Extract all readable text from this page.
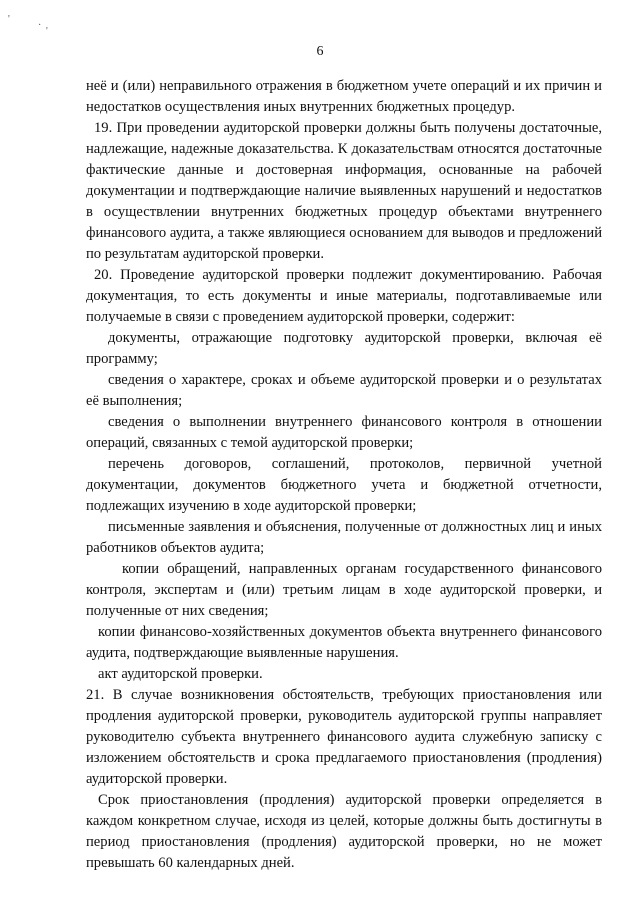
'
·
'
6

неё и (или) неправильного отражения в бюджетном учете операций и их причин и недостатков осуществления иных внутренних бюджетных процедур.

19. При проведении аудиторской проверки должны быть получены достаточные, надлежащие, надежные доказательства. К доказательствам относятся достаточные фактические данные и достоверная информация, основанные на рабочей документации и подтверждающие наличие выявленных нарушений и недостатков в осуществлении внутренних бюджетных процедур объектами внутреннего финансового аудита, а также являющиеся основанием для выводов и предложений по результатам аудиторской проверки.

20. Проведение аудиторской проверки подлежит документированию. Рабочая документация, то есть документы и иные материалы, подготавливаемые или получаемые в связи с проведением аудиторской проверки, содержит:

документы, отражающие подготовку аудиторской проверки, включая её программу;

сведения о характере, сроках и объеме аудиторской проверки и о результатах её выполнения;

сведения о выполнении внутреннего финансового контроля в отношении операций, связанных с темой аудиторской проверки;

перечень договоров, соглашений, протоколов, первичной учетной документации, документов бюджетного учета и бюджетной отчетности, подлежащих изучению в ходе аудиторской проверки;

письменные заявления и объяснения, полученные от должностных лиц и иных работников объектов аудита;

копии обращений, направленных органам государственного финансового контроля, экспертам и (или) третьим лицам в ходе аудиторской проверки, и полученные от них сведения;

копии финансово-хозяйственных документов объекта внутреннего финансового аудита, подтверждающие выявленные нарушения.

акт аудиторской проверки.

21. В случае возникновения обстоятельств, требующих приостановления или продления аудиторской проверки, руководитель аудиторской группы направляет руководителю субъекта внутреннего финансового аудита служебную записку с изложением обстоятельств и срока предлагаемого приостановления (продления) аудиторской проверки.

Срок приостановления (продления) аудиторской проверки определяется в каждом конкретном случае, исходя из целей, которые должны быть достигнуты в период приостановления (продления) аудиторской проверки, но не может превышать 60 календарных дней.
